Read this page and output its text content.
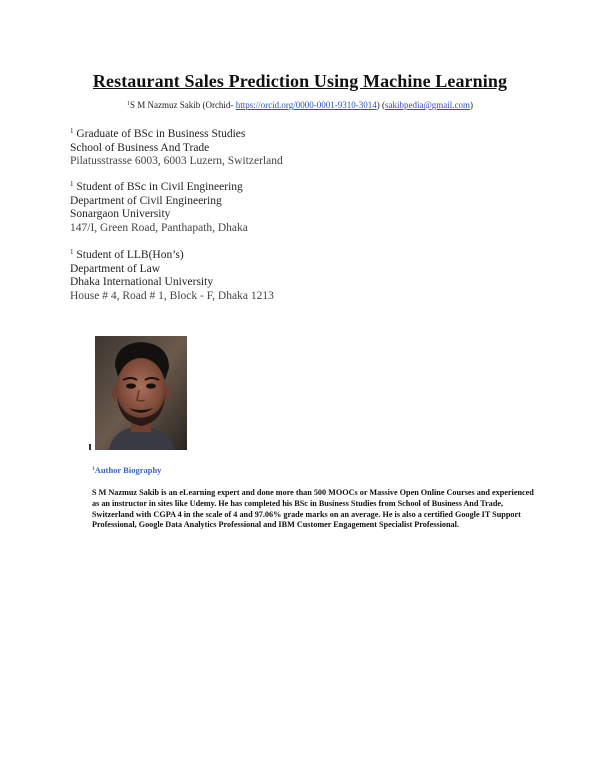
Restaurant Sales Prediction Using Machine Learning
$^1$S M Nazmuz Sakib (Orchid- https://orcid.org/0000-0001-9310-3014) (sakibpedia@gmail.com)
$^1$ Graduate of BSc in Business Studies
School of Business And Trade
Pilatusstrasse 6003, 6003 Luzern, Switzerland
$^1$ Student of BSc in Civil Engineering
Department of Civil Engineering
Sonargaon University
147/I, Green Road, Panthapath, Dhaka
$^1$ Student of LLB(Hon’s)
Department of Law
Dhaka International University
House # 4, Road # 1, Block - F, Dhaka 1213
$^1$Author Biography
S M Nazmuz Sakib is an eLearning expert and done more than 500 MOOCs or Massive Open Online Courses and experienced as an instructor in sites like Udemy. He has completed his BSc in Business Studies from School of Business And Trade, Switzerland with CGPA 4 in the scale of 4 and 97.06% grade marks on an average. He is also a certified Google IT Support Professional, Google Data Analytics Professional and IBM Customer Engagement Specialist Professional.
